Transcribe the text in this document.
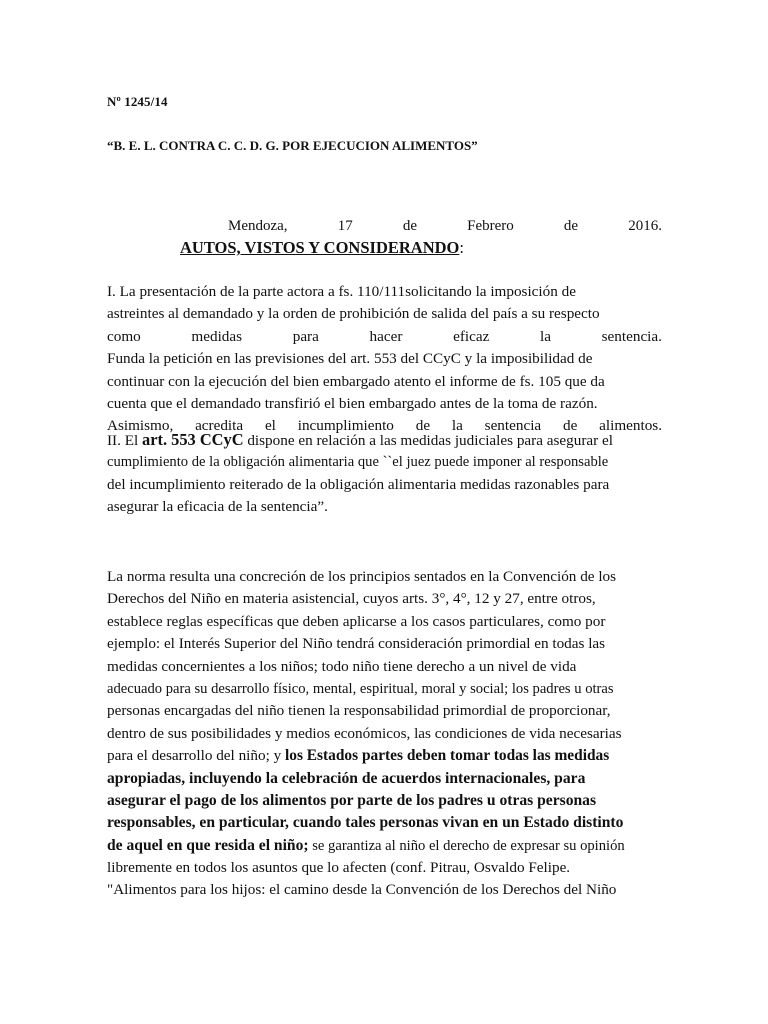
Nº 1245/14
“B. E. L. CONTRA C. C. D. G. POR EJECUCION ALIMENTOS”
Mendoza,	17	de	Febrero	de	2016.
AUTOS, VISTOS Y CONSIDERANDO:
I. La presentación de la parte actora a fs. 110/111solicitando la imposición de
astreintes al demandado y la orden de prohibición de salida del país a su respecto
como	medidas	para	hacer	eficaz	la	sentencia.
Funda la petición en las previsiones del art. 553 del CCyC y la imposibilidad de
continuar con la ejecución del bien embargado atento el informe de fs. 105 que da
cuenta que el demandado transfirió el bien embargado antes de la toma de razón.
Asimismo, acredita el incumplimiento de la sentencia de alimentos.
II. El art. 553 CCyC dispone en relación a las medidas judiciales para asegurar el
cumplimiento de la obligación alimentaria que ``el juez puede imponer al responsable
del incumplimiento reiterado de la obligación alimentaria medidas razonables para
asegurar la eficacia de la sentencia”.
La norma resulta una concreción de los principios sentados en la Convención de los
Derechos del Niño en materia asistencial, cuyos arts. 3°, 4°, 12 y 27, entre otros,
establece reglas específicas que deben aplicarse a los casos particulares, como por
ejemplo: el Interés Superior del Niño tendrá consideración primordial en todas las
medidas concernientes a los niños; todo niño tiene derecho a un nivel de vida
adecuado para su desarrollo físico, mental, espiritual, moral y social; los padres u otras
personas encargadas del niño tienen la responsabilidad primordial de proporcionar,
dentro de sus posibilidades y medios económicos, las condiciones de vida necesarias
para el desarrollo del niño; y los Estados partes deben tomar todas las medidas
apropiadas, incluyendo la celebración de acuerdos internacionales, para
asegurar el pago de los alimentos por parte de los padres u otras personas
responsables, en particular, cuando tales personas vivan en un Estado distinto
de aquel en que resida el niño; se garantiza al niño el derecho de expresar su opinión
libremente en todos los asuntos que lo afecten (conf. Pitrau, Osvaldo Felipe.
"Alimentos para los hijos: el camino desde la Convención de los Derechos del Niño
